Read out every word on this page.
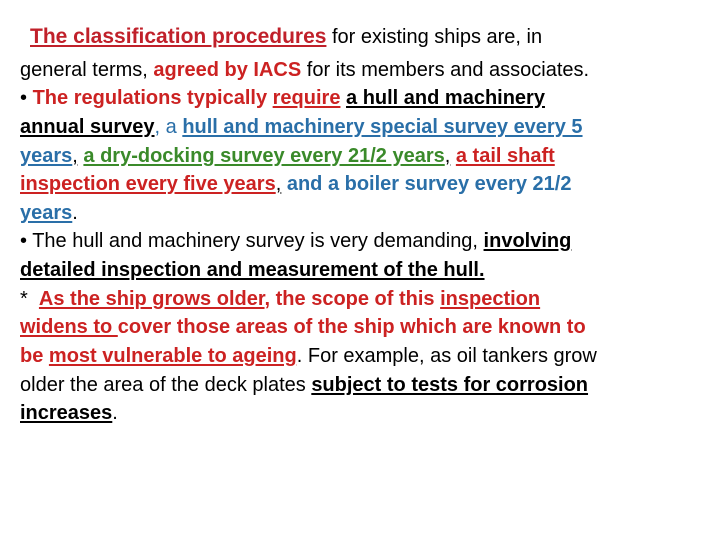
The classification procedures for existing ships are, in
general terms, agreed by IACS for its members and associates.
• The regulations typically require a hull and machinery
annual survey, a hull and machinery special survey every 5
years, a dry-docking survey every 21/2 years, a tail shaft
inspection every five years, and a boiler survey every 21/2
years.
• The hull and machinery survey is very demanding, involving
detailed inspection and measurement of the hull.
* As the ship grows older, the scope of this inspection
widens to cover those areas of the ship which are known to
be most vulnerable to ageing. For example, as oil tankers grow
older the area of the deck plates subject to tests for corrosion
increases.
